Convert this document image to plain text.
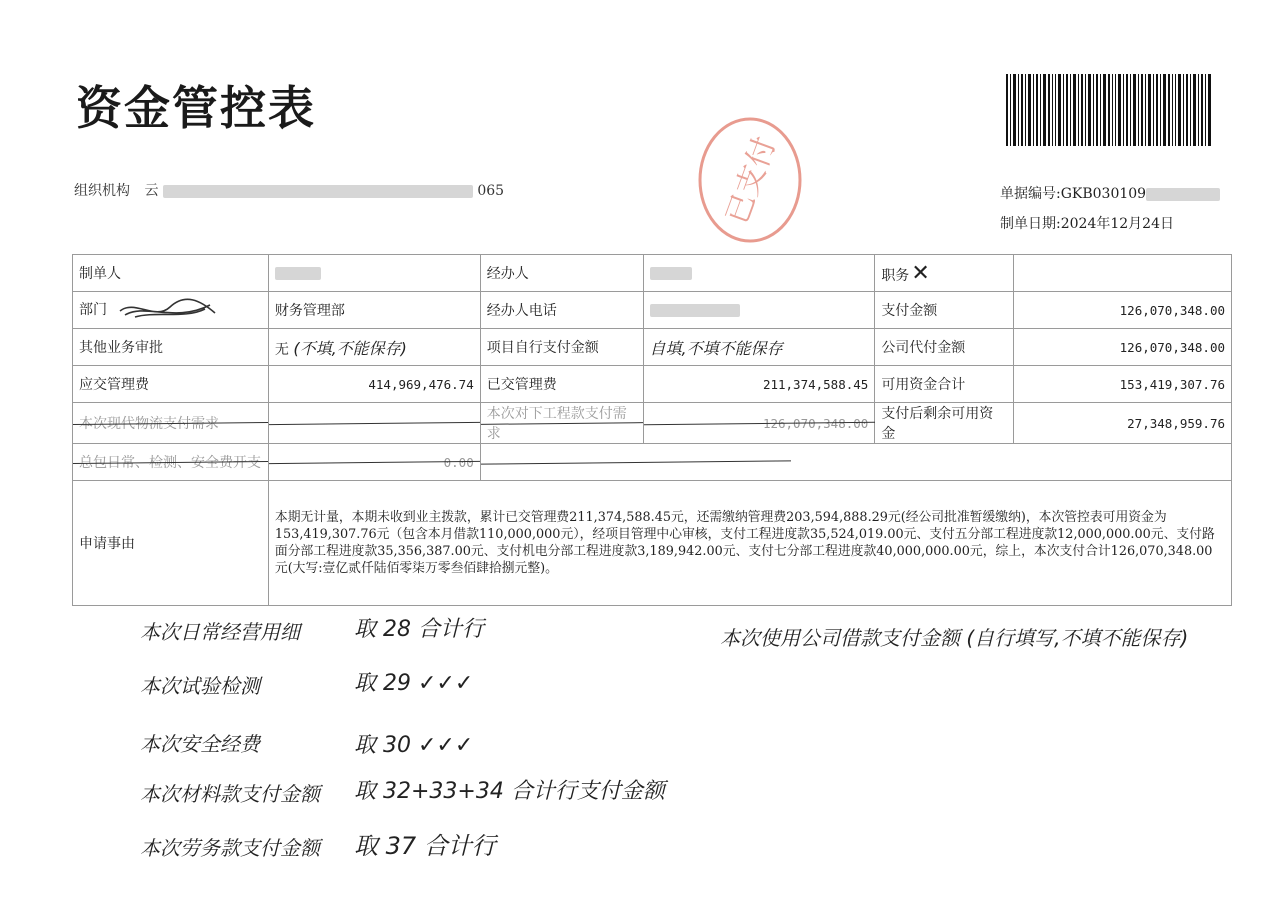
资金管控表
组织机构 云	065	已支付	单据编号:GKB030109
制单日期:2024年12月24日
制单人		经办人		职务✕	
部门	财务管理部	经办人电话		支付金额	126,070,348.00
其他业务审批	无 (不填,不能保存)	项目自行支付金额	自填,不填不能保存	公司代付金额	126,070,348.00
应交管理费	414,969,476.74	已交管理费	211,374,588.45	可用资金合计	153,419,307.76
本次现代物流支付需求		本次对下工程款支付需求	126,070,348.00	支付后剩余可用资金	27,348,959.76
总包日常、检测、安全费开支	0.00			

申请事由	本期无计量，本期未收到业主拨款，累计已交管理费211,374,588.45元，还需缴纳管理费203,594,888.29元(经公司批准暂缓缴纳)，本次管控表可用资金为153,419,307.76元（包含本月借款110,000,000元），经项目管理中心审核，支付工程进度款35,524,019.00元、支付五分部工程进度款12,000,000.00元、支付路面分部工程进度款35,356,387.00元、支付机电分部工程进度款3,189,942.00元、支付七分部工程进度款40,000,000.00元，综上，本次支付合计126,070,348.00元(大写:壹亿贰仟陆佰零柒万零叁佰肆拾捌元整)。				
本次日常经营用细 取 28 合计行
本次试验检测	取 29 ✓✓✓
本次安全经费	取 30 ✓✓✓
本次材料款支付金额 取 32+33+34 合计行支付金额
本次劳务款支付金额 取 37 合计行
本次使用公司借款支付金额 (自行填写,不填不能保存)
